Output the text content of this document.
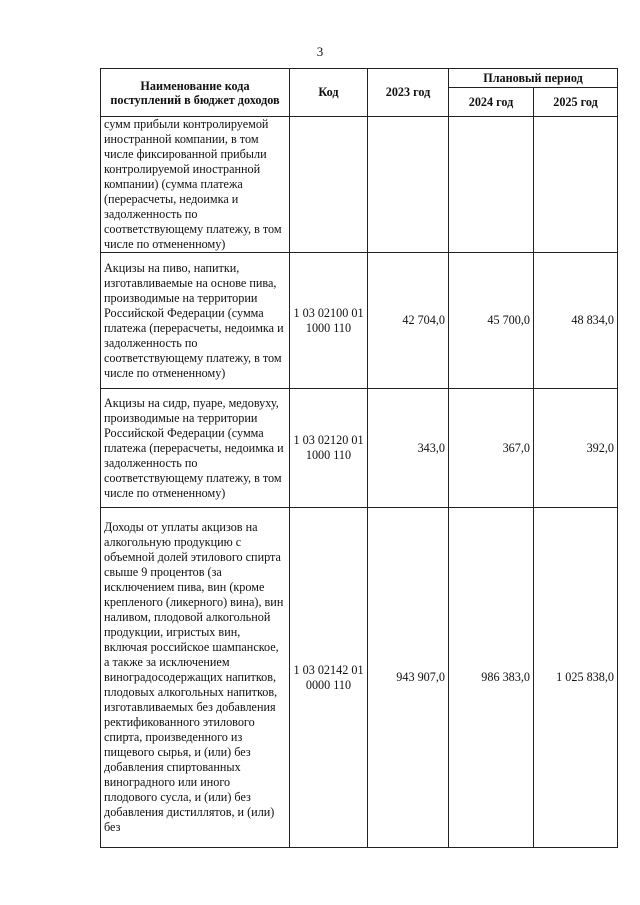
3
Наименование кода поступлений в бюджет доходов	Код	2023 год	Плановый период	
			2024 год	2025 год
сумм прибыли контролируемой иностранной компании, в том числе фиксированной прибыли контролируемой иностранной компании) (сумма платежа (перерасчеты, недоимка и задолженность по соответствующему платежу, в том числе по отмененному)				
Акцизы на пиво, напитки, изготавливаемые на основе пива, производимые на территории Российской Федерации (сумма платежа (перерасчеты, недоимка и задолженность по соответствующему платежу, в том числе по отмененному)	1 03 02100 01 1000 110	42 704,0	45 700,0	48 834,0
Акцизы на сидр, пуаре, медовуху, производимые на территории Российской Федерации (сумма платежа (перерасчеты, недоимка и задолженность по соответствующему платежу, в том числе по отмененному)	1 03 02120 01 1000 110	343,0	367,0	392,0
Доходы от уплаты акцизов на алкогольную продукцию с объемной долей этилового спирта свыше 9 процентов (за исключением пива, вин (кроме крепленого (ликерного) вина), вин наливом, плодовой алкогольной продукции, игристых вин, включая российское шампанское, а также за исключением виноградосодержащих напитков, плодовых алкогольных напитков, изготавливаемых без добавления ректификованного этилового спирта, произведенного из пищевого сырья, и (или) без добавления спиртованных виноградного или иного плодового сусла, и (или) без добавления дистиллятов, и (или) без	1 03 02142 01 0000 110	943 907,0	986 383,0	1 025 838,0
